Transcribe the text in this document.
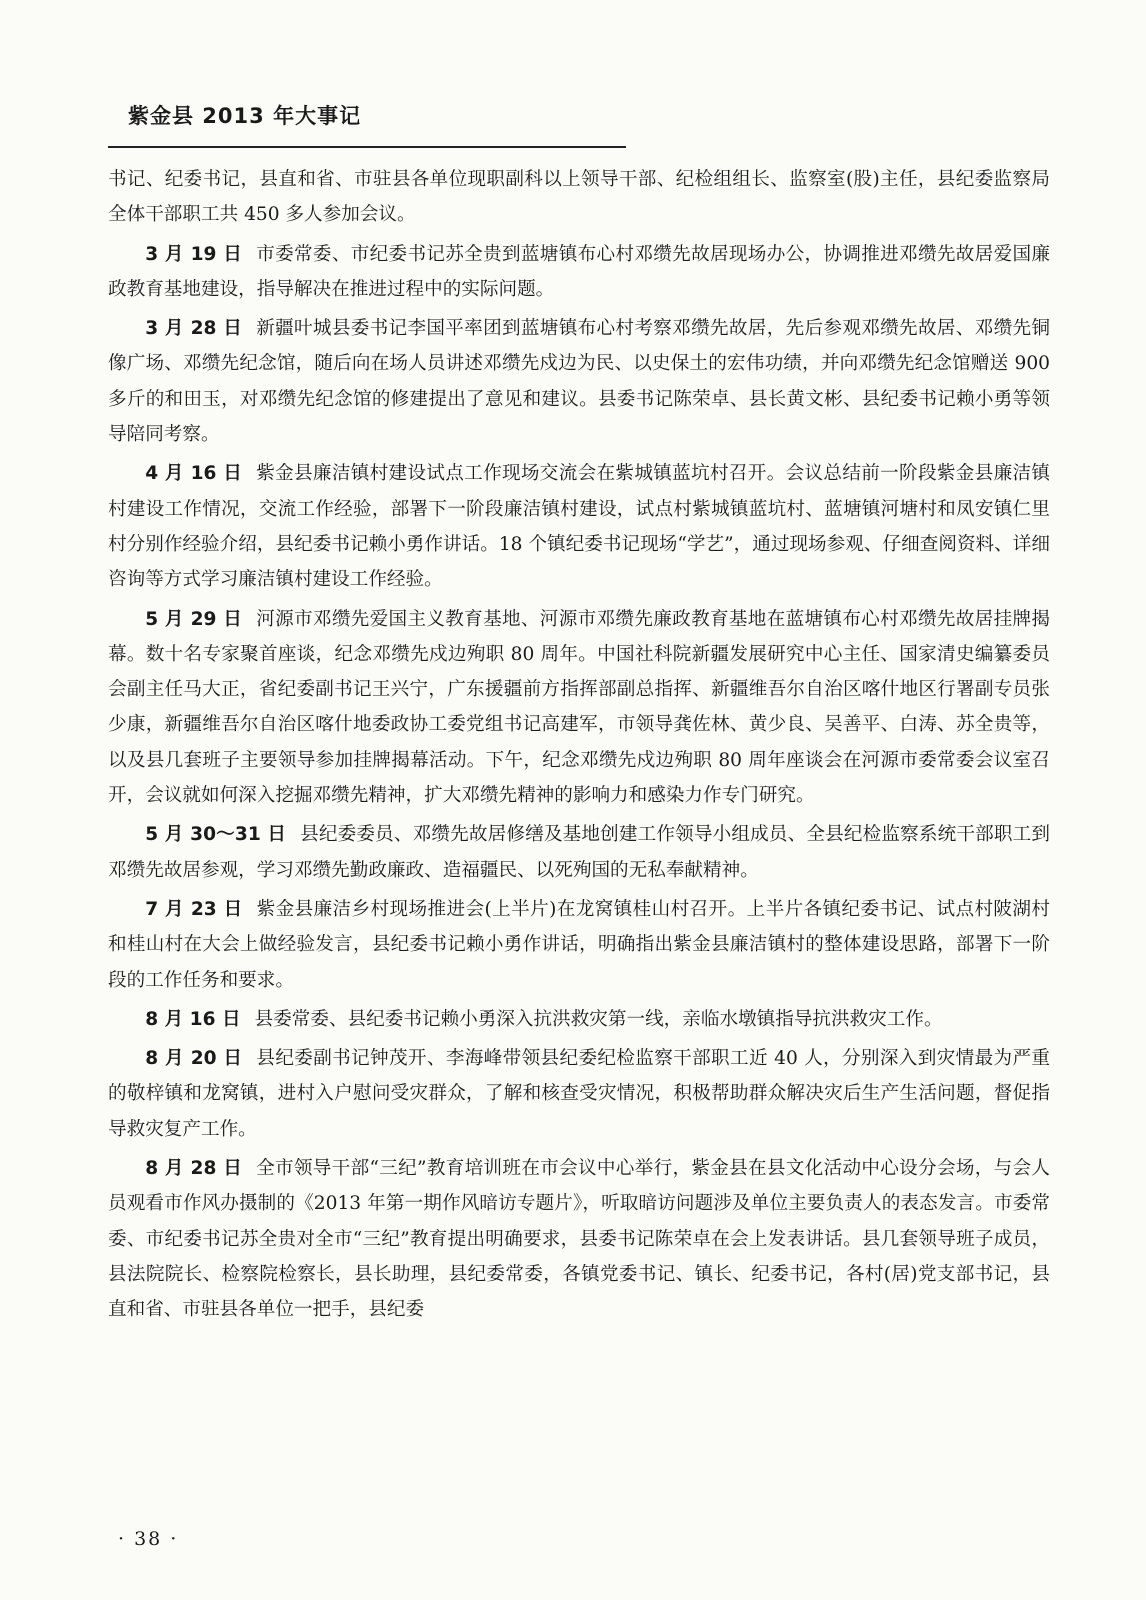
紫金县 2013 年大事记

书记、纪委书记，县直和省、市驻县各单位现职副科以上领导干部、纪检组组长、监察室(股)主任，县纪委监察局全体干部职工共 450 多人参加会议。

3 月 19 日 市委常委、市纪委书记苏全贵到蓝塘镇布心村邓缵先故居现场办公，协调推进邓缵先故居爱国廉政教育基地建设，指导解决在推进过程中的实际问题。

3 月 28 日 新疆叶城县委书记李国平率团到蓝塘镇布心村考察邓缵先故居，先后参观邓缵先故居、邓缵先铜像广场、邓缵先纪念馆，随后向在场人员讲述邓缵先戍边为民、以史保土的宏伟功绩，并向邓缵先纪念馆赠送 900 多斤的和田玉，对邓缵先纪念馆的修建提出了意见和建议。县委书记陈荣卓、县长黄文彬、县纪委书记赖小勇等领导陪同考察。

4 月 16 日 紫金县廉洁镇村建设试点工作现场交流会在紫城镇蓝坑村召开。会议总结前一阶段紫金县廉洁镇村建设工作情况，交流工作经验，部署下一阶段廉洁镇村建设，试点村紫城镇蓝坑村、蓝塘镇河塘村和凤安镇仁里村分别作经验介绍，县纪委书记赖小勇作讲话。18 个镇纪委书记现场“学艺”，通过现场参观、仔细查阅资料、详细咨询等方式学习廉洁镇村建设工作经验。

5 月 29 日 河源市邓缵先爱国主义教育基地、河源市邓缵先廉政教育基地在蓝塘镇布心村邓缵先故居挂牌揭幕。数十名专家聚首座谈，纪念邓缵先戍边殉职 80 周年。中国社科院新疆发展研究中心主任、国家清史编纂委员会副主任马大正，省纪委副书记王兴宁，广东援疆前方指挥部副总指挥、新疆维吾尔自治区喀什地区行署副专员张少康，新疆维吾尔自治区喀什地委政协工委党组书记高建军，市领导龚佐林、黄少良、吴善平、白涛、苏全贵等，以及县几套班子主要领导参加挂牌揭幕活动。下午，纪念邓缵先戍边殉职 80 周年座谈会在河源市委常委会议室召开，会议就如何深入挖掘邓缵先精神，扩大邓缵先精神的影响力和感染力作专门研究。

5 月 30～31 日 县纪委委员、邓缵先故居修缮及基地创建工作领导小组成员、全县纪检监察系统干部职工到邓缵先故居参观，学习邓缵先勤政廉政、造福疆民、以死殉国的无私奉献精神。

7 月 23 日 紫金县廉洁乡村现场推进会(上半片)在龙窝镇桂山村召开。上半片各镇纪委书记、试点村陂湖村和桂山村在大会上做经验发言，县纪委书记赖小勇作讲话，明确指出紫金县廉洁镇村的整体建设思路，部署下一阶段的工作任务和要求。

8 月 16 日 县委常委、县纪委书记赖小勇深入抗洪救灾第一线，亲临水墩镇指导抗洪救灾工作。

8 月 20 日 县纪委副书记钟茂开、李海峰带领县纪委纪检监察干部职工近 40 人，分别深入到灾情最为严重的敬梓镇和龙窝镇，进村入户慰问受灾群众，了解和核查受灾情况，积极帮助群众解决灾后生产生活问题，督促指导救灾复产工作。

8 月 28 日 全市领导干部“三纪”教育培训班在市会议中心举行，紫金县在县文化活动中心设分会场，与会人员观看市作风办摄制的《2013 年第一期作风暗访专题片》，听取暗访问题涉及单位主要负责人的表态发言。市委常委、市纪委书记苏全贵对全市“三纪”教育提出明确要求，县委书记陈荣卓在会上发表讲话。县几套领导班子成员，县法院院长、检察院检察长，县长助理，县纪委常委，各镇党委书记、镇长、纪委书记，各村(居)党支部书记，县直和省、市驻县各单位一把手，县纪委

· 38 ·
